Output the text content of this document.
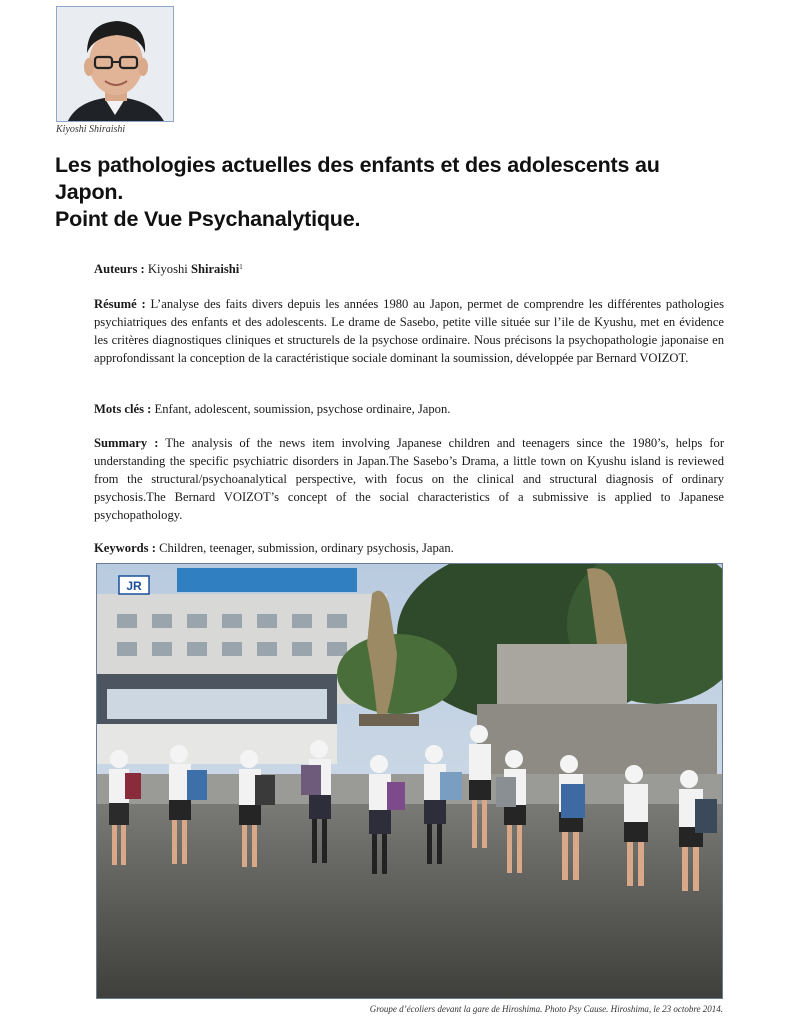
Kiyoshi Shiraishi
Les pathologies actuelles des enfants et des adolescents au
Japon.
Point de Vue Psychanalytique.

Auteurs : Kiyoshi Shiraishi$^1$

Résumé : L’analyse des faits divers depuis les années 1980 au Japon, permet de comprendre les différentes pathologies psychiatriques des enfants et des adolescents. Le drame de Sasebo, petite ville située sur l’ile de Kyushu, met en évidence les critères diagnostiques cliniques et structurels de la psychose ordinaire. Nous précisons la psychopathologie japonaise en approfondissant la conception de la caractéristique sociale dominant la soumission, développée par Bernard VOIZOT.

Mots clés : Enfant, adolescent, soumission, psychose ordinaire, Japon.

Summary : The analysis of the news item involving Japanese children and teenagers since the 1980’s, helps for understanding the specific psychiatric disorders in Japan.The Sasebo’s Drama, a little town on Kyushu island is reviewed from the structural/psychoanalytical perspective, with focus on the clinical and structural diagnosis of ordinary psychosis.The Bernard VOIZOT’s concept of the social characteristics of a submissive is applied to Japanese psychopathology.

Keywords : Children, teenager, submission, ordinary psychosis, Japan.

JR
Groupe d’écoliers devant la gare de Hiroshima. Photo Psy Cause. Hiroshima, le 23 octobre 2014.
